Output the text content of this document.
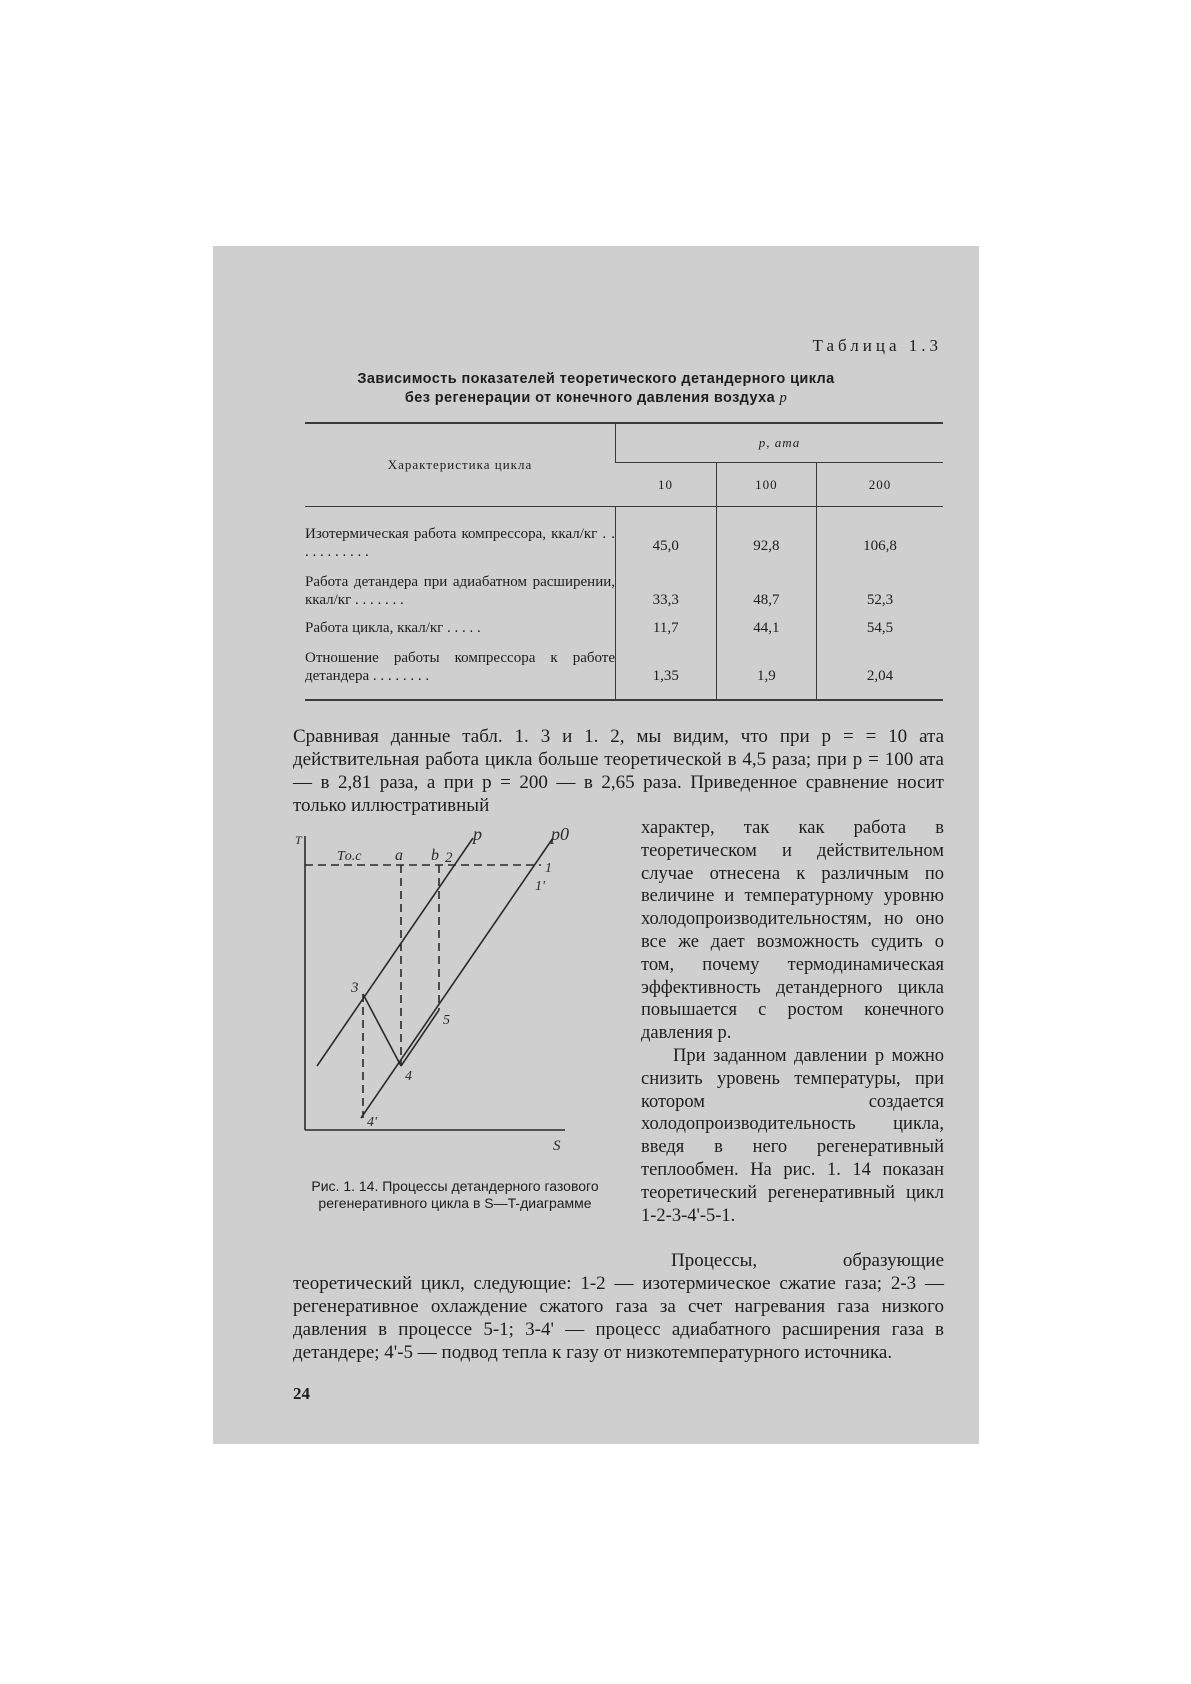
Таблица 1.3
Зависимость показателей теоретического детандерного цикла
без регенерации от конечного давления воздуха p
Характеристика цикла	p, ата		
	10	100	200
Изотермическая работа компрессора, ккал/кг . . . . . . . . . . .	45,0	92,8	106,8
Работа детандера при адиабатном расширении, ккал/кг . . . . . . .	33,3	48,7	52,3
Работа цикла, ккал/кг . . . . .	11,7	44,1	54,5
Отношение работы компрессора к работе детандера . . . . . . . .	1,35	1,9	2,04
Сравнивая данные табл. 1. 3 и 1. 2, мы видим, что при p = = 10 ата действительная работа цикла больше теоретической в 4,5 раза; при p = 100 ата — в 2,81 раза, а при p = 200 — в 2,65 раза. Приведенное сравнение носит только иллюстративный
T
S
p	p0
Tо.с a b 2
1
1'
3
4
4'
5
Рис. 1. 14. Процессы детандерного газового регенеративного цикла в S—T-диаграмме
характер, так как работа в теоретическом и действительном случае отнесена к различным по величине и температурному уровню холодопроизводительностям, но оно все же дает возможность судить о том, почему термодинамическая эффективность детандерного цикла повышается с ростом конечного давления p.
При заданном давлении p можно снизить уровень температуры, при котором создается холодопроизводительность цикла, введя в него регенеративный теплообмен. На рис. 1. 14 показан теоретический регенеративный цикл 1-2-3-4'-5-1.
Процессы, образующие теоретический цикл, следующие: 1-2 — изотермическое сжатие газа; 2-3 — регенеративное охлаждение сжатого газа за счет нагревания газа низкого давления в процессе 5-1; 3-4' — процесс адиабатного расширения газа в детандере; 4'-5 — подвод тепла к газу от низкотемпературного источника.
24
